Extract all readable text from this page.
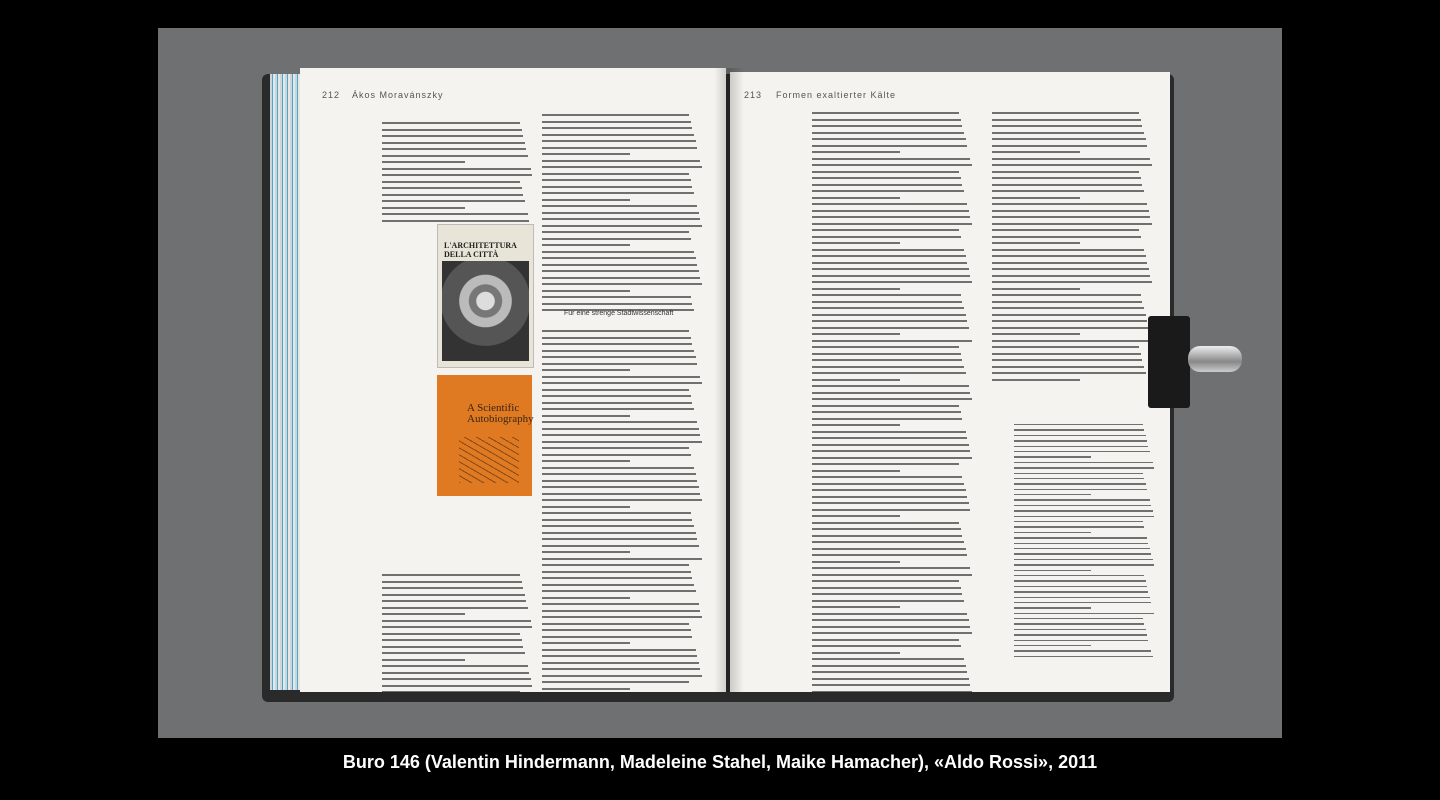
212 Ákos Moravánszky
Für eine strenge Stadtwissenschaft
L'ARCHITETTURA DELLA CITTÀ
A Scientific Autobiography
213 Formen exaltierter Kälte
Buro 146 (Valentin Hindermann, Madeleine Stahel, Maike Hamacher), «Aldo Rossi», 2011
